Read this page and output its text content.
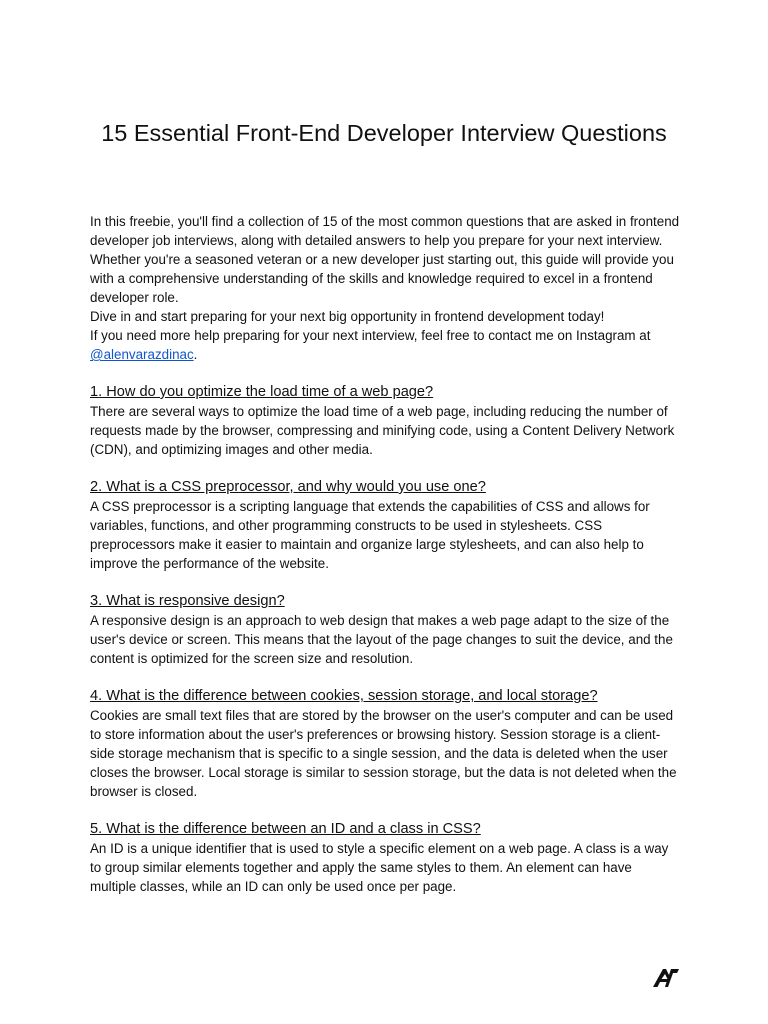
15 Essential Front-End Developer Interview Questions

In this freebie, you'll find a collection of 15 of the most common questions that are asked in frontend developer job interviews, along with detailed answers to help you prepare for your next interview. Whether you're a seasoned veteran or a new developer just starting out, this guide will provide you with a comprehensive understanding of the skills and knowledge required to excel in a frontend developer role.

Dive in and start preparing for your next big opportunity in frontend development today!

If you need more help preparing for your next interview, feel free to contact me on Instagram at @alenvarazdinac.

1. How do you optimize the load time of a web page?

There are several ways to optimize the load time of a web page, including reducing the number of requests made by the browser, compressing and minifying code, using a Content Delivery Network (CDN), and optimizing images and other media.

2. What is a CSS preprocessor, and why would you use one?

A CSS preprocessor is a scripting language that extends the capabilities of CSS and allows for variables, functions, and other programming constructs to be used in stylesheets. CSS preprocessors make it easier to maintain and organize large stylesheets, and can also help to improve the performance of the website.

3. What is responsive design?

A responsive design is an approach to web design that makes a web page adapt to the size of the user's device or screen. This means that the layout of the page changes to suit the device, and the content is optimized for the screen size and resolution.

4. What is the difference between cookies, session storage, and local storage?

Cookies are small text files that are stored by the browser on the user's computer and can be used to store information about the user's preferences or browsing history. Session storage is a client-side storage mechanism that is specific to a single session, and the data is deleted when the user closes the browser. Local storage is similar to session storage, but the data is not deleted when the browser is closed.

5. What is the difference between an ID and a class in CSS?

An ID is a unique identifier that is used to style a specific element on a web page. A class is a way to group similar elements together and apply the same styles to them. An element can have multiple classes, while an ID can only be used once per page.
